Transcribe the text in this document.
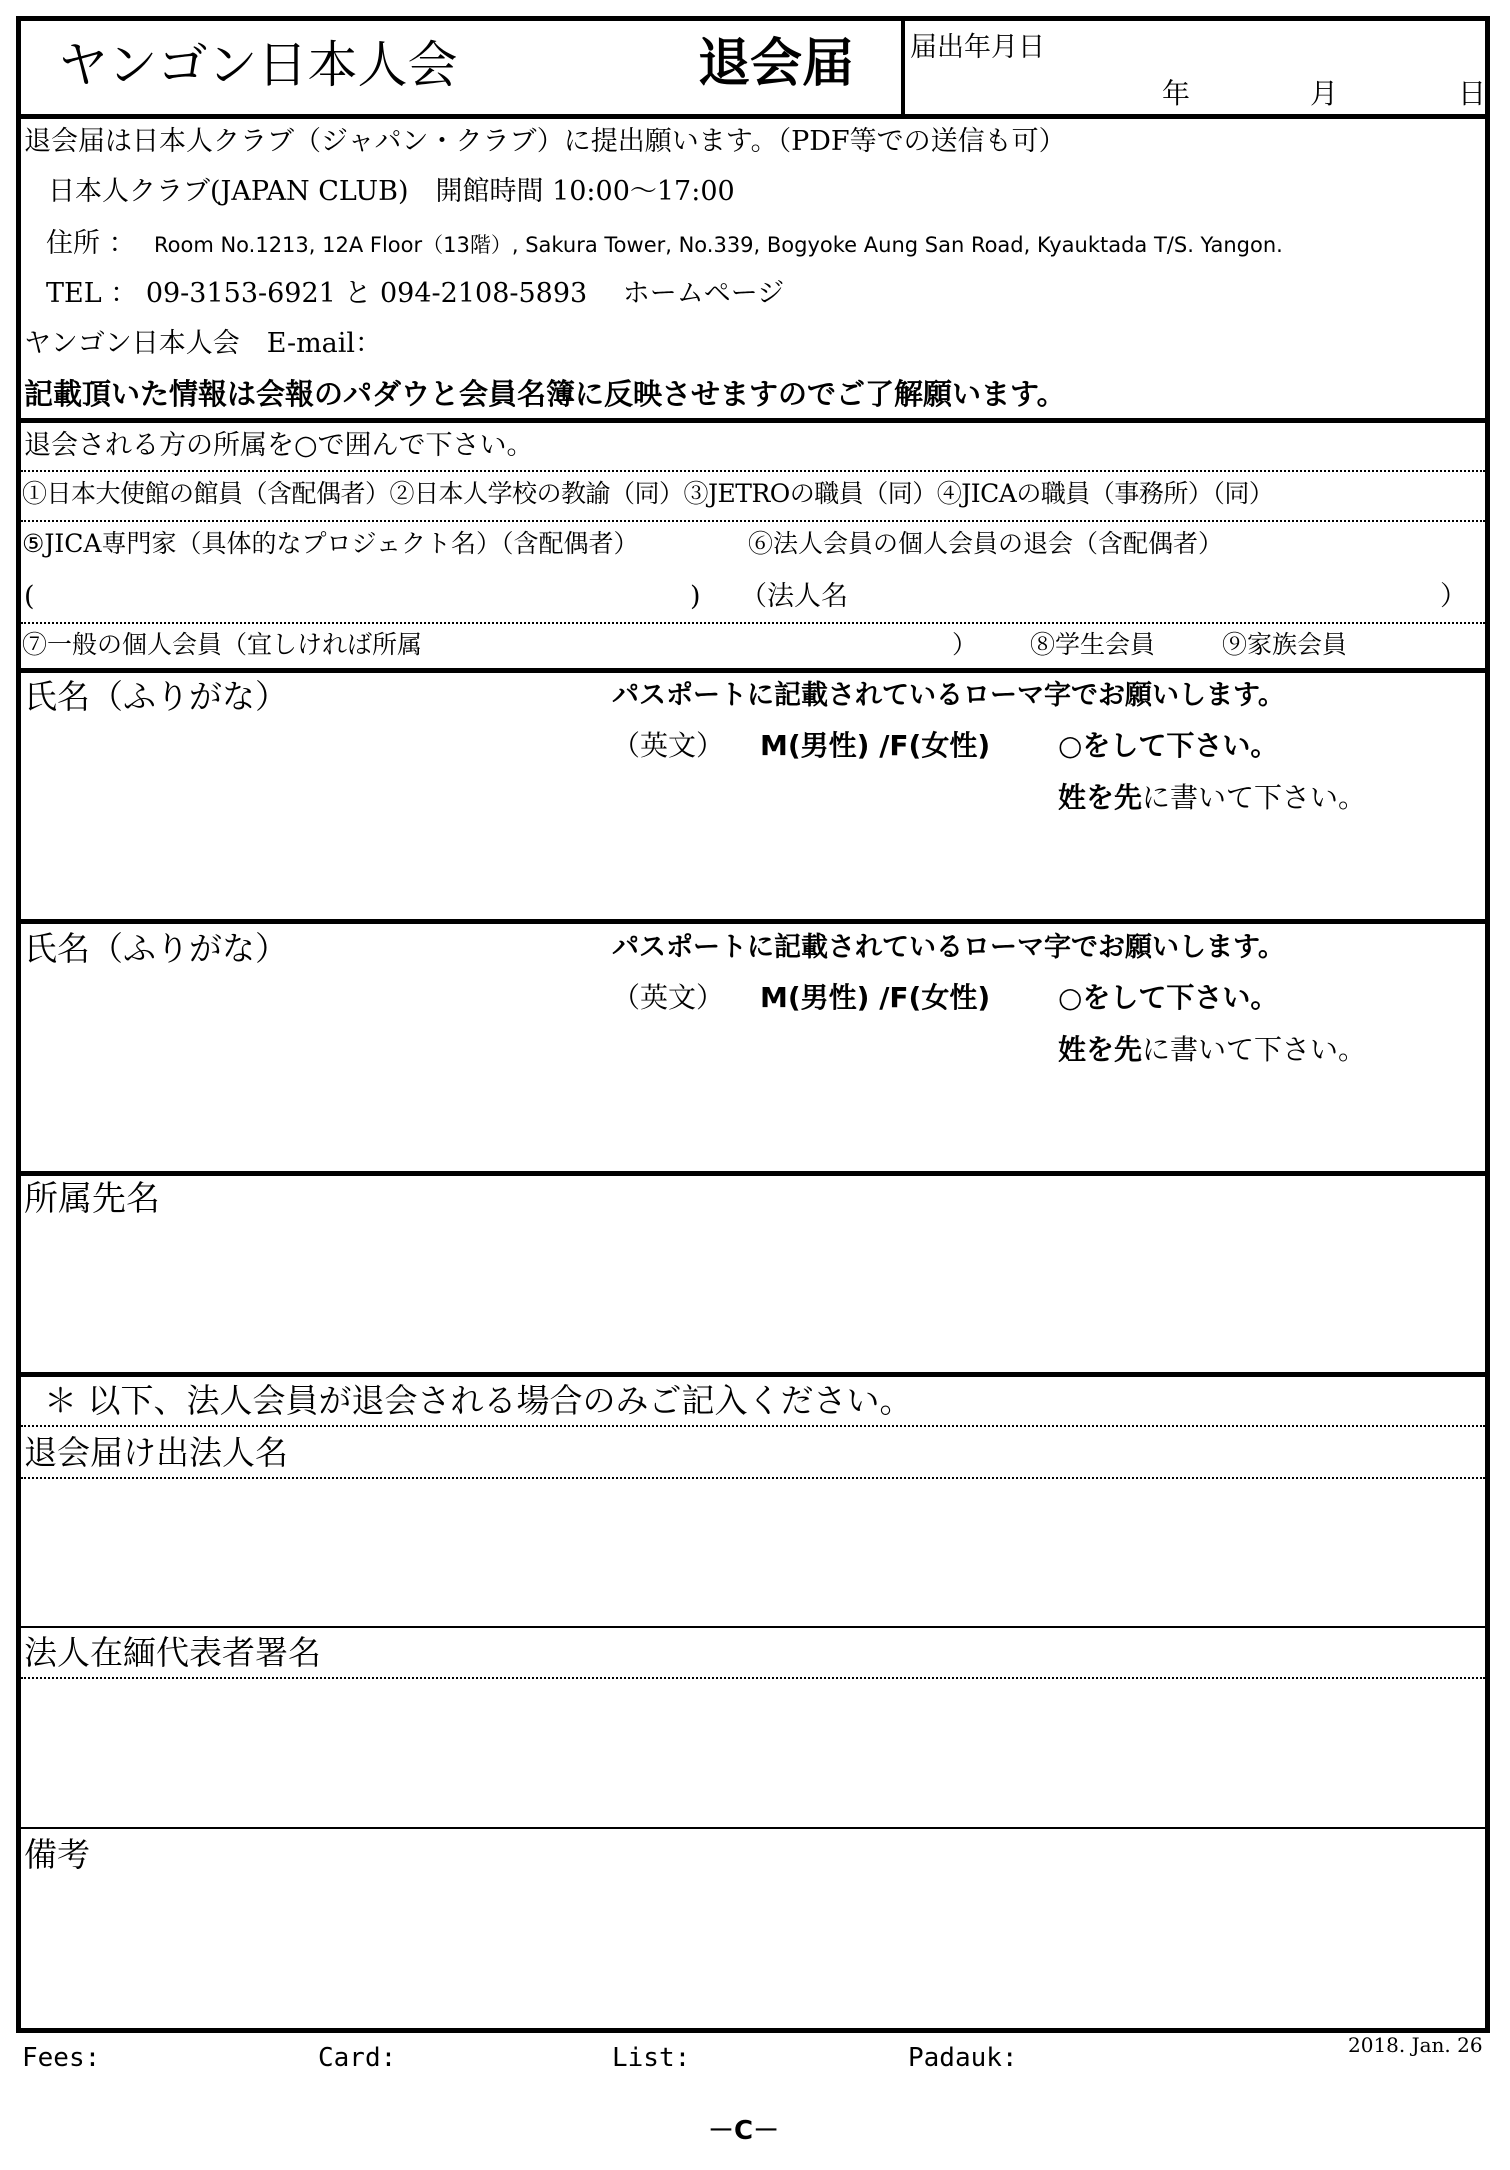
ヤンゴン日本人会	退会届 届出年月日
年	月	日
退会届は日本人クラブ（ジャパン・クラブ）に提出願います。（PDF等での送信も可）
日本人クラブ(JAPAN CLUB)　開館時間 10:00～17:00
住所 ： Room No.1213, 12A Floor（13階）, Sakura Tower, No.339, Bogyoke Aung San Road, Kyauktada T/S. Yangon.
TEL ： 09-3153-6921 と 094-2108-5893　 ホームページ
ヤンゴン日本人会　E-mail：
記載頂いた情報は会報のパダウと会員名簿に反映させますのでご了解願います。
退会される方の所属を○で囲んで下さい。
①日本大使館の館員（含配偶者）②日本人学校の教諭（同）③JETROの職員（同）④JICAの職員（事務所）（同）
⑤JICA専門家（具体的なプロジェクト名）（含配偶者）	⑥法人会員の個人会員の退会（含配偶者）
(	) （法人名	）
⑦一般の個人会員（宜しければ所属	） ⑧学生会員	⑨家族会員
氏名（ふりがな）	パスポートに記載されているローマ字でお願いします。
（英文） M(男性) /F(女性) ○をして下さい。
姓を先に書いて下さい。
氏名（ふりがな）	パスポートに記載されているローマ字でお願いします。
（英文） M(男性) /F(女性) ○をして下さい。
姓を先に書いて下さい。
所属先名
＊ 以下、法人会員が退会される場合のみご記入ください。
退会届け出法人名
法人在緬代表者署名
備考
Fees:	Card:	List:	Padauk:	2018. Jan. 26
－C－
